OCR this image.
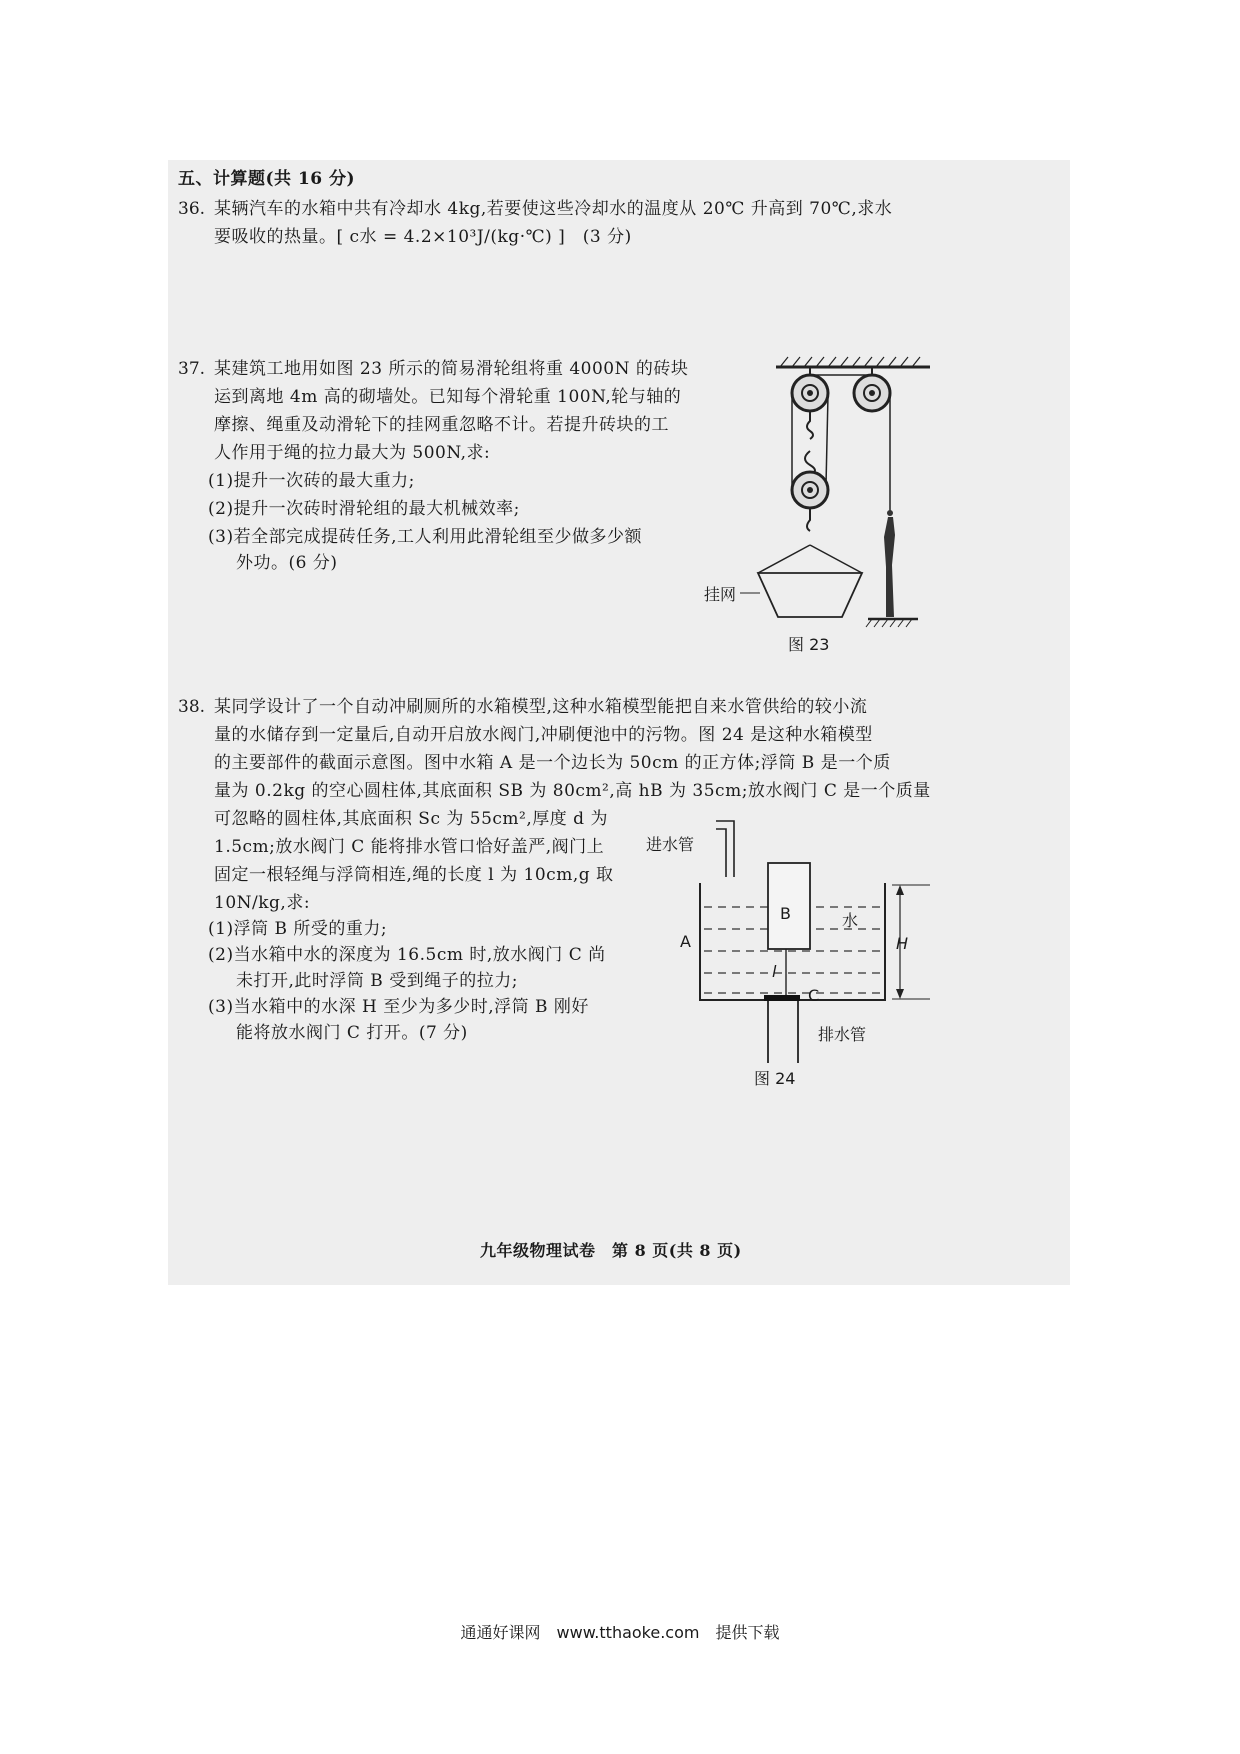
五、计算题(共 16 分)
36. 某辆汽车的水箱中共有冷却水 4kg,若要使这些冷却水的温度从 20℃ 升高到 70℃,求水
要吸收的热量。[ c水 = 4.2×10³J/(kg·℃) ]　(3 分)
37. 某建筑工地用如图 23 所示的简易滑轮组将重 4000N 的砖块
运到离地 4m 高的砌墙处。已知每个滑轮重 100N,轮与轴的
摩擦、绳重及动滑轮下的挂网重忽略不计。若提升砖块的工
人作用于绳的拉力最大为 500N,求:
(1)提升一次砖的最大重力;
(2)提升一次砖时滑轮组的最大机械效率;
(3)若全部完成提砖任务,工人利用此滑轮组至少做多少额
外功。(6 分)
挂网
图 23
38. 某同学设计了一个自动冲刷厕所的水箱模型,这种水箱模型能把自来水管供给的较小流
量的水储存到一定量后,自动开启放水阀门,冲刷便池中的污物。图 24 是这种水箱模型
的主要部件的截面示意图。图中水箱 A 是一个边长为 50cm 的正方体;浮筒 B 是一个质
量为 0.2kg 的空心圆柱体,其底面积 SB 为 80cm²,高 hB 为 35cm;放水阀门 C 是一个质量
可忽略的圆柱体,其底面积 Sc 为 55cm²,厚度 d 为
1.5cm;放水阀门 C 能将排水管口恰好盖严,阀门上
固定一根轻绳与浮筒相连,绳的长度 l 为 10cm,g 取
10N/kg,求:
(1)浮筒 B 所受的重力;
(2)当水箱中水的深度为 16.5cm 时,放水阀门 C 尚
未打开,此时浮筒 B 受到绳子的拉力;
(3)当水箱中的水深 H 至少为多少时,浮筒 B 刚好
能将放水阀门 C 打开。(7 分)
进水管
A
B	水
H
l
C
排水管
图 24
九年级物理试卷　第 8 页(共 8 页)
通通好课网　www.tthaoke.com　提供下载
